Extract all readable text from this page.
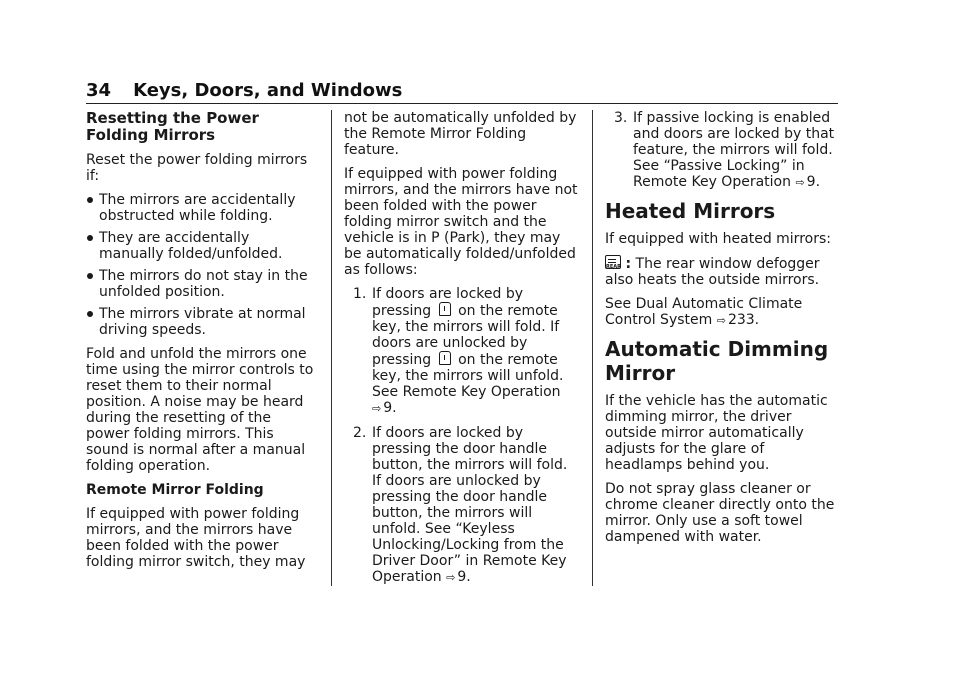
34 Keys, Doors, and Windows
Resetting the Power Folding Mirrors

Reset the power folding mirrors if:

The mirrors are accidentally obstructed while folding.
They are accidentally manually folded/unfolded.
The mirrors do not stay in the unfolded position.
The mirrors vibrate at normal driving speeds.

Fold and unfold the mirrors one time using the mirror controls to reset them to their normal position. A noise may be heard during the resetting of the power folding mirrors. This sound is normal after a manual folding operation.

Remote Mirror Folding

If equipped with power folding mirrors, and the mirrors have been folded with the power folding mirror switch, they may

not be automatically unfolded by the Remote Mirror Folding feature.

If equipped with power folding mirrors, and the mirrors have not been folded with the power folding mirror switch and the vehicle is in P (Park), they may be automatically folded/unfolded as follows:

1. If doors are locked by pressing on the remote key, the mirrors will fold. If doors are unlocked by pressing on the remote key, the mirrors will unfold. See Remote Key Operation
⇨ 9.
2. If doors are locked by pressing the door handle button, the mirrors will fold. If doors are unlocked by pressing the door handle button, the mirrors will unfold. See “Keyless Unlocking/Locking from the Driver Door” in Remote Key Operation ⇨ 9.
3. If passive locking is enabled and doors are locked by that feature, the mirrors will fold. See “Passive Locking” in Remote Key Operation ⇨ 9.
Heated Mirrors

If equipped with heated mirrors:

REAR : The rear window defogger also heats the outside mirrors.

See Dual Automatic Climate Control System ⇨ 233.

Automatic Dimming Mirror

If the vehicle has the automatic dimming mirror, the driver outside mirror automatically adjusts for the glare of headlamps behind you.

Do not spray glass cleaner or chrome cleaner directly onto the mirror. Only use a soft towel dampened with water.
